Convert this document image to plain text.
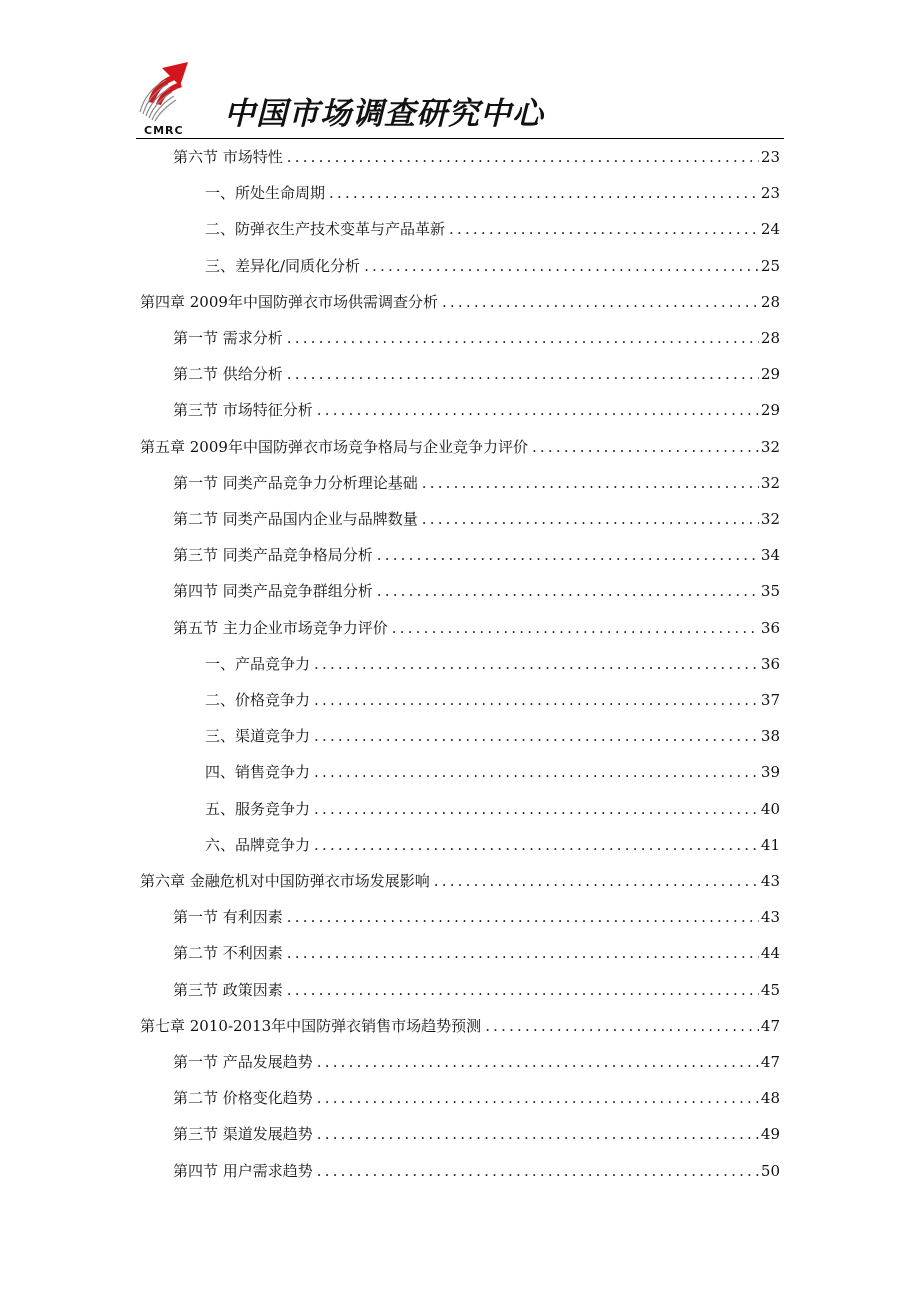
CMRC 中国市场调查研究中心
第六节 市场特性 .....	23
一、所处生命周期 .....	23
二、防弹衣生产技术变革与产品革新 .....	24
三、差异化/同质化分析 .....	25
第四章 2009年中国防弹衣市场供需调查分析 .....	28
第一节 需求分析 .....	28
第二节 供给分析 .....	29
第三节 市场特征分析 .....	29
第五章 2009年中国防弹衣市场竞争格局与企业竞争力评价 .....	32
第一节 同类产品竞争力分析理论基础 .....	32
第二节 同类产品国内企业与品牌数量 .....	32
第三节 同类产品竞争格局分析 .....	34
第四节 同类产品竞争群组分析 .....	35
第五节 主力企业市场竞争力评价 .....	36
一、产品竞争力 .....	36
二、价格竞争力 .....	37
三、渠道竞争力 .....	38
四、销售竞争力 .....	39
五、服务竞争力 .....	40
六、品牌竞争力 .....	41
第六章 金融危机对中国防弹衣市场发展影响 .....	43
第一节 有利因素 .....	43
第二节 不利因素 .....	44
第三节 政策因素 .....	45
第七章 2010-2013年中国防弹衣销售市场趋势预测 .....	47
第一节 产品发展趋势 .....	47
第二节 价格变化趋势 .....	48
第三节 渠道发展趋势 .....	49
第四节 用户需求趋势 .....	50
